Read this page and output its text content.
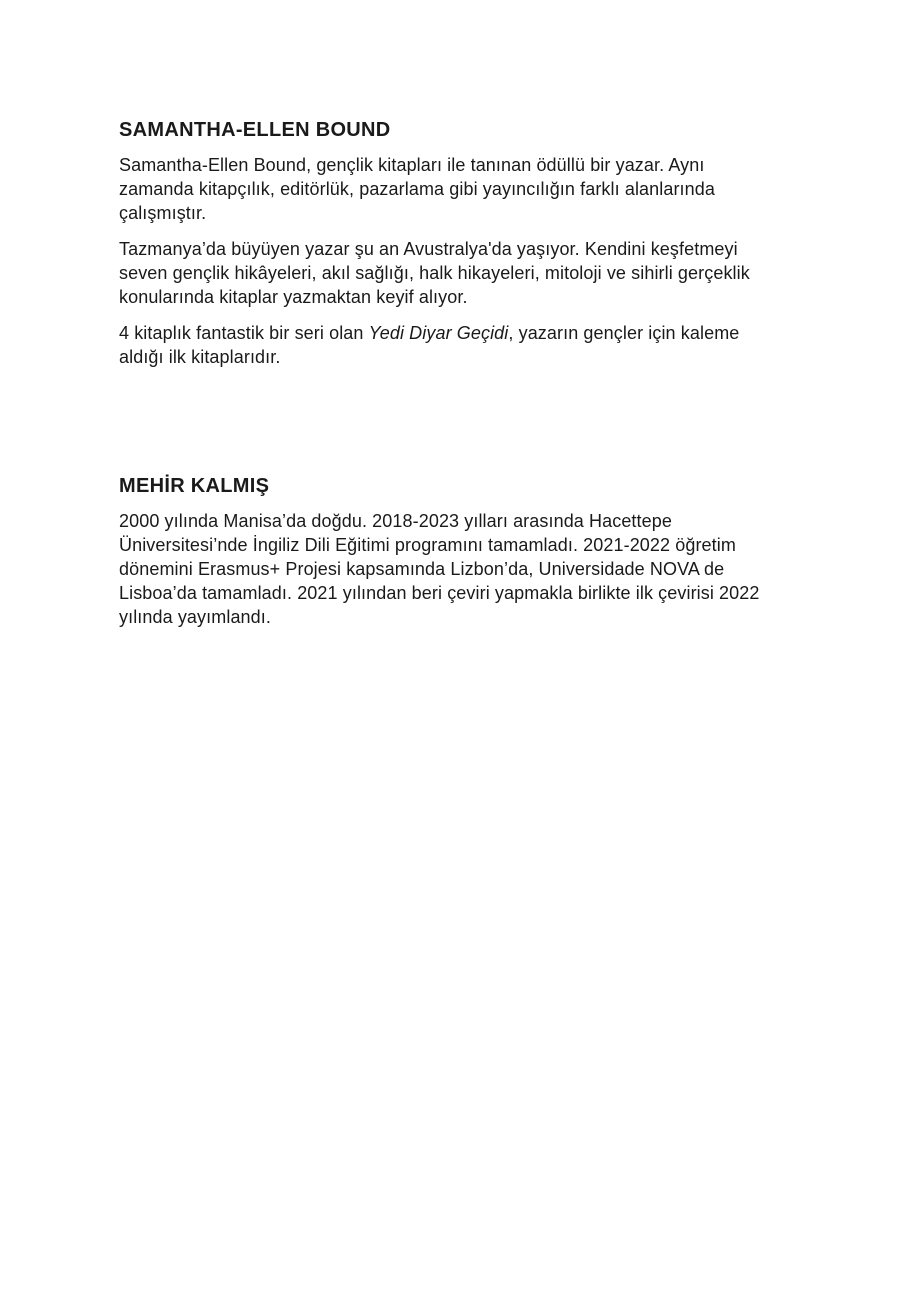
SAMANTHA-ELLEN BOUND

Samantha-Ellen Bound, gençlik kitapları ile tanınan ödüllü bir yazar. Aynı zamanda kitapçılık, editörlük, pazarlama gibi yayıncılığın farklı alanlarında çalışmıştır.

Tazmanya’da büyüyen yazar şu an Avustralya'da yaşıyor. Kendini keşfetmeyi seven gençlik hikâyeleri, akıl sağlığı, halk hikayeleri, mitoloji ve sihirli gerçeklik konularında kitaplar yazmaktan keyif alıyor.

4 kitaplık fantastik bir seri olan Yedi Diyar Geçidi, yazarın gençler için kaleme aldığı ilk kitaplarıdır.

MEHİR KALMIŞ

2000 yılında Manisa’da doğdu. 2018-2023 yılları arasında Hacettepe Üniversitesi’nde İngiliz Dili Eğitimi programını tamamladı. 2021-2022 öğretim dönemini Erasmus+ Projesi kapsamında Lizbon’da, Universidade NOVA de Lisboa’da tamamladı. 2021 yılından beri çeviri yapmakla birlikte ilk çevirisi 2022 yılında yayımlandı.
